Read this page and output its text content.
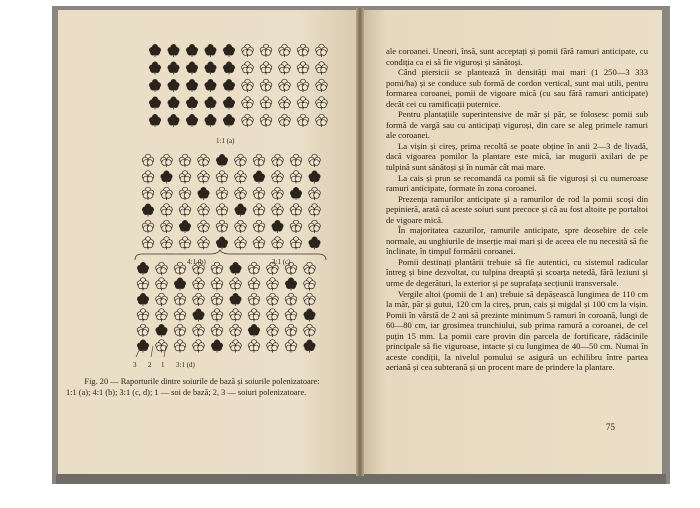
1:1 (a)
4:1 (b)	3:1 (c)
3 2 1 3:1 (d)
Fig. 20 — Raporturile dintre soiurile de bază și soiurile polenizatoare:
1:1 (a); 4:1 (b); 3:1 (c, d); 1 — soi de bază; 2, 3 — soiuri polenizatoare.

ale coroanei. Uneori, însă, sunt acceptați și pomii fără ramuri anticipate, cu condiția ca ei să fie viguroși și sănătoși.

Când piersicii se plantează în densități mai mari (1 250—3 333 pomi/ha) și se conduce sub formă de cordon vertical, sunt mai utili, pentru formarea coroanei, pomii de vigoare mică (cu sau fără ramuri anticipate) decât cei cu ramificații puternice.

Pentru plantațiile superintensive de măr și păr, se folosesc pomii sub formă de vargă sau cu anticipați viguroși, din care se aleg primele ramuri ale coroanei.

La vișin și cireș, prima recoltă se poate obține în anii 2—3 de livadă, dacă vigoarea pomilor la plantare este mică, iar mugurii axilari de pe tulpină sunt sănătoși și în număr cât mai mare.

La cais și prun se recomandă ca pomii să fie viguroși și cu numeroase ramuri anticipate, formate în zona coroanei.

Prezența ramurilor anticipate și a ramurilor de rod la pomii scoși din pepinieră, arată că aceste soiuri sunt precoce și că au fost altoite pe portaltoi de vigoare mică.

În majoritatea cazurilor, ramurile anticipate, spre deosebire de cele normale, au unghiurile de inserție mai mari și de aceea ele nu necesită să fie înclinate, în timpul formării coroanei.

Pomii destinați plantării trebuie să fie autentici, cu sistemul radicular întreg și bine dezvoltat, cu tulpina dreaptă și scoarța netedă, fără leziuni și urme de degerături, la exterior și pe suprafața secțiunii transversale.

Vergile altoi (pomii de 1 an) trebuie să depășească lungimea de 110 cm la măr, păr și gutui, 120 cm la cireș, prun, cais și migdal și 100 cm la vișin. Pomii în vârstă de 2 ani să prezinte minimum 5 ramuri în coroană, lungi de 60—80 cm, iar grosimea trunchiului, sub prima ramură a coroanei, de cel puțin 15 mm. La pomii care provin din parcela de fortificare, rădăcinile principale să fie viguroase, intacte și cu lungimea de 40—50 cm. Numai în aceste condiții, la nivelul pomului se asigură un echilibru între partea aeriană și cea subterană și un procent mare de prindere la plantare.

75
